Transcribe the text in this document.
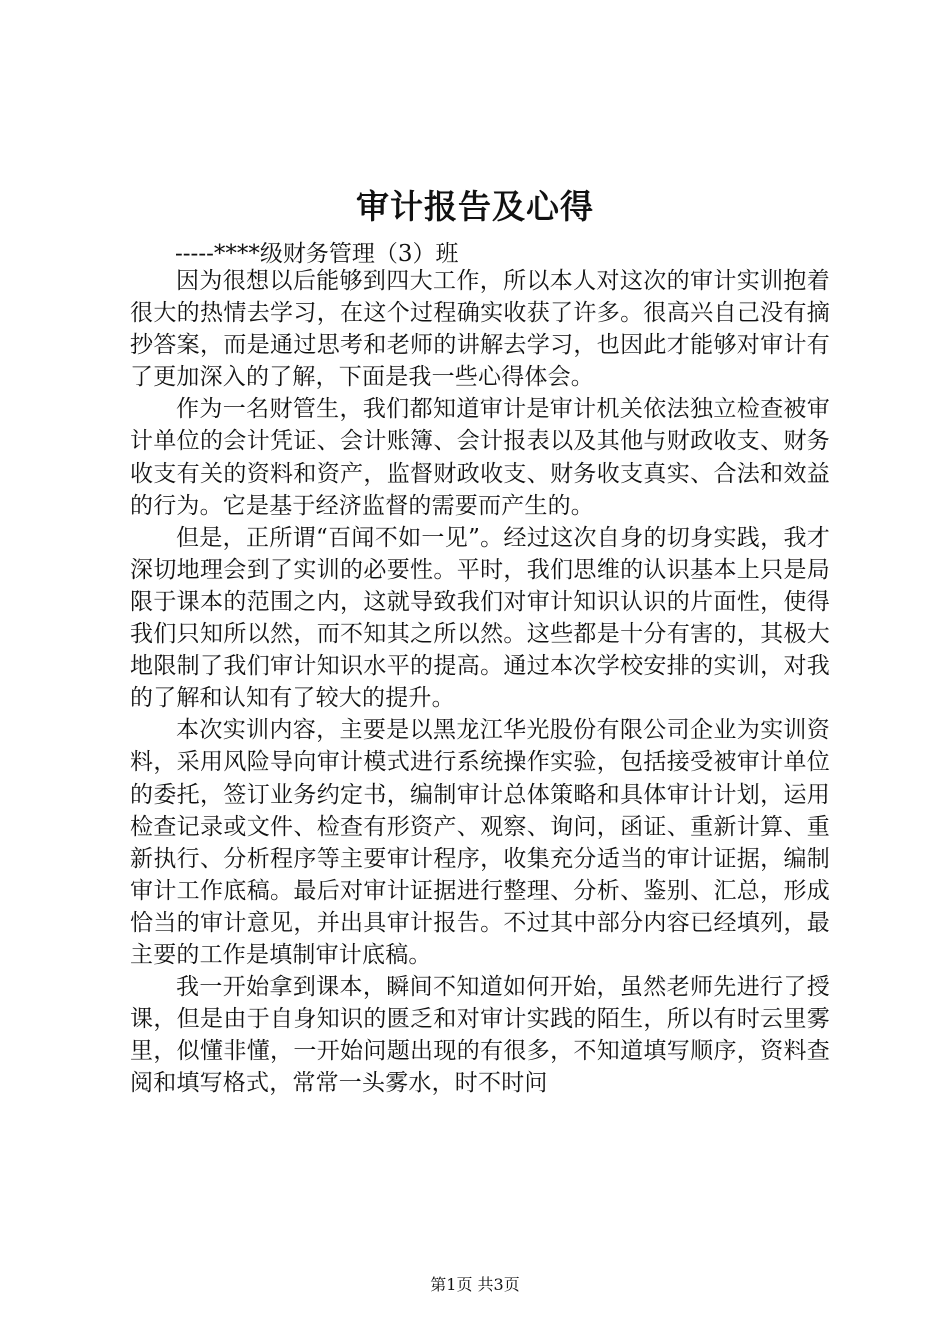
审计报告及心得

-----****级财务管理（3）班

因为很想以后能够到四大工作，所以本人对这次的审计实训抱着很大的热情去学习，在这个过程确实收获了许多。很高兴自己没有摘抄答案，而是通过思考和老师的讲解去学习，也因此才能够对审计有了更加深入的了解，下面是我一些心得体会。

作为一名财管生，我们都知道审计是审计机关依法独立检查被审计单位的会计凭证、会计账簿、会计报表以及其他与财政收支、财务收支有关的资料和资产，监督财政收支、财务收支真实、合法和效益的行为。它是基于经济监督的需要而产生的。

但是，正所谓“百闻不如一见”。经过这次自身的切身实践，我才深切地理会到了实训的必要性。平时，我们思维的认识基本上只是局限于课本的范围之内，这就导致我们对审计知识认识的片面性，使得我们只知所以然，而不知其之所以然。这些都是十分有害的，其极大地限制了我们审计知识水平的提高。通过本次学校安排的实训，对我的了解和认知有了较大的提升。

本次实训内容，主要是以黑龙江华光股份有限公司企业为实训资料，采用风险导向审计模式进行系统操作实验，包括接受被审计单位的委托，签订业务约定书，编制审计总体策略和具体审计计划，运用检查记录或文件、检查有形资产、观察、询问，函证、重新计算、重新执行、分析程序等主要审计程序，收集充分适当的审计证据，编制审计工作底稿。最后对审计证据进行整理、分析、鉴别、汇总，形成恰当的审计意见，并出具审计报告。不过其中部分内容已经填列，最主要的工作是填制审计底稿。

我一开始拿到课本，瞬间不知道如何开始，虽然老师先进行了授课，但是由于自身知识的匮乏和对审计实践的陌生，所以有时云里雾里，似懂非懂，一开始问题出现的有很多，不知道填写顺序，资料查阅和填写格式，常常一头雾水，时不时问

第1页 共3页
